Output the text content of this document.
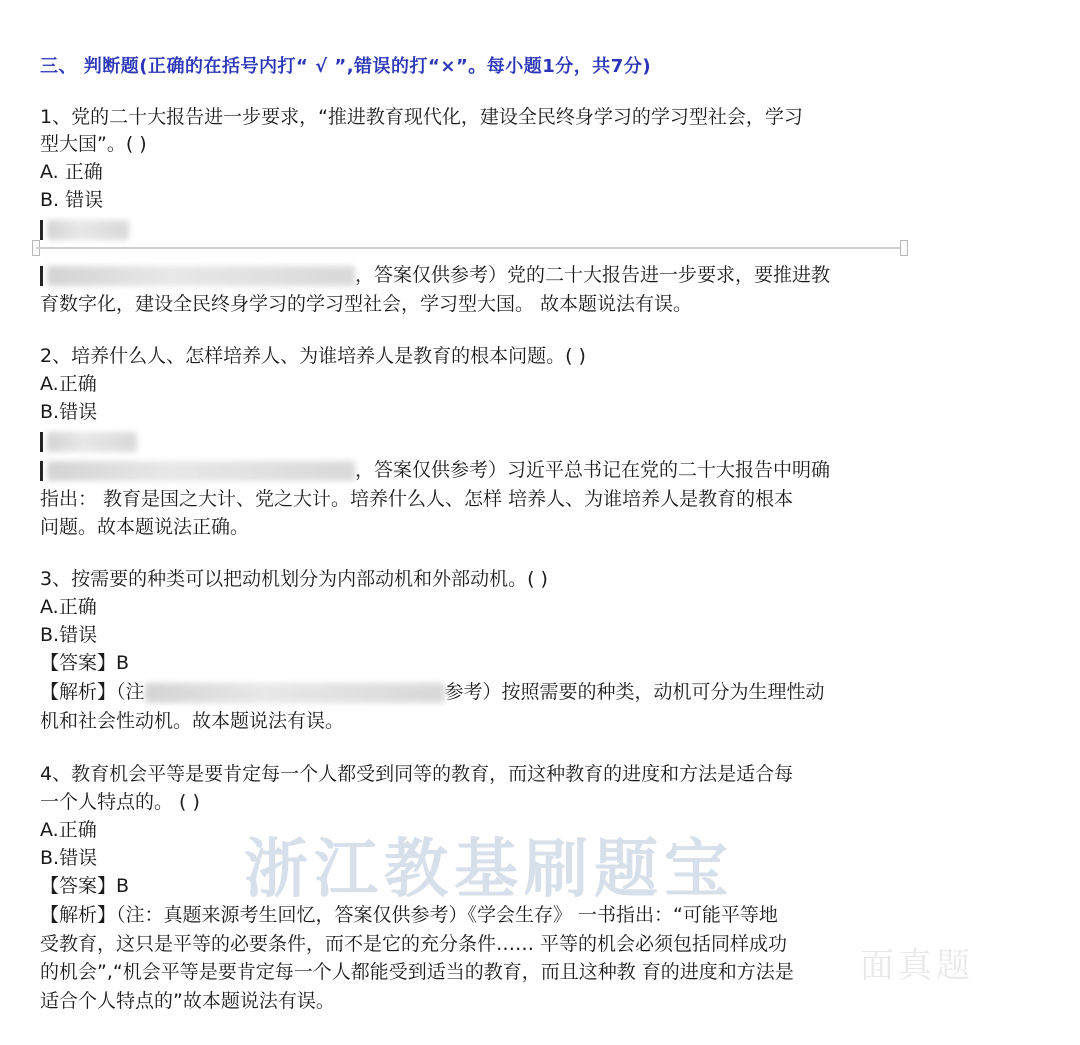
三、 判断题(正确的在括号内打“ √ ”,错误的打“×”。每小题1分，共7分)
1、党的二十大报告进一步要求，“推进教育现代化，建设全民终身学习的学习型社会，学习
型大国”。( )
A. 正确
B. 错误
，答案仅供参考）党的二十大报告进一步要求，要推进教
育数字化，建设全民终身学习的学习型社会，学习型大国。 故本题说法有误。
2、培养什么人、怎样培养人、为谁培养人是教育的根本问题。( )
A.正确
B.错误
，答案仅供参考）习近平总书记在党的二十大报告中明确
指出： 教育是国之大计、党之大计。培养什么人、怎样 培养人、为谁培养人是教育的根本
问题。故本题说法正确。
3、按需要的种类可以把动机划分为内部动机和外部动机。( )
A.正确
B.错误
【答案】B
【解析】（注	参考）按照需要的种类，动机可分为生理性动
机和社会性动机。故本题说法有误。
4、教育机会平等是要肯定每一个人都受到同等的教育，而这种教育的进度和方法是适合每
一个人特点的。 ( )
A.正确
B.错误
【答案】B
【解析】（注：真题来源考生回忆，答案仅供参考）《学会生存》 一书指出：“可能平等地
受教育，这只是平等的必要条件，而不是它的充分条件…… 平等的机会必须包括同样成功
的机会”,“机会平等是要肯定每一个人都能受到适当的教育，而且这种教 育的进度和方法是
适合个人特点的”故本题说法有误。
浙江教基刷题宝
面真题
